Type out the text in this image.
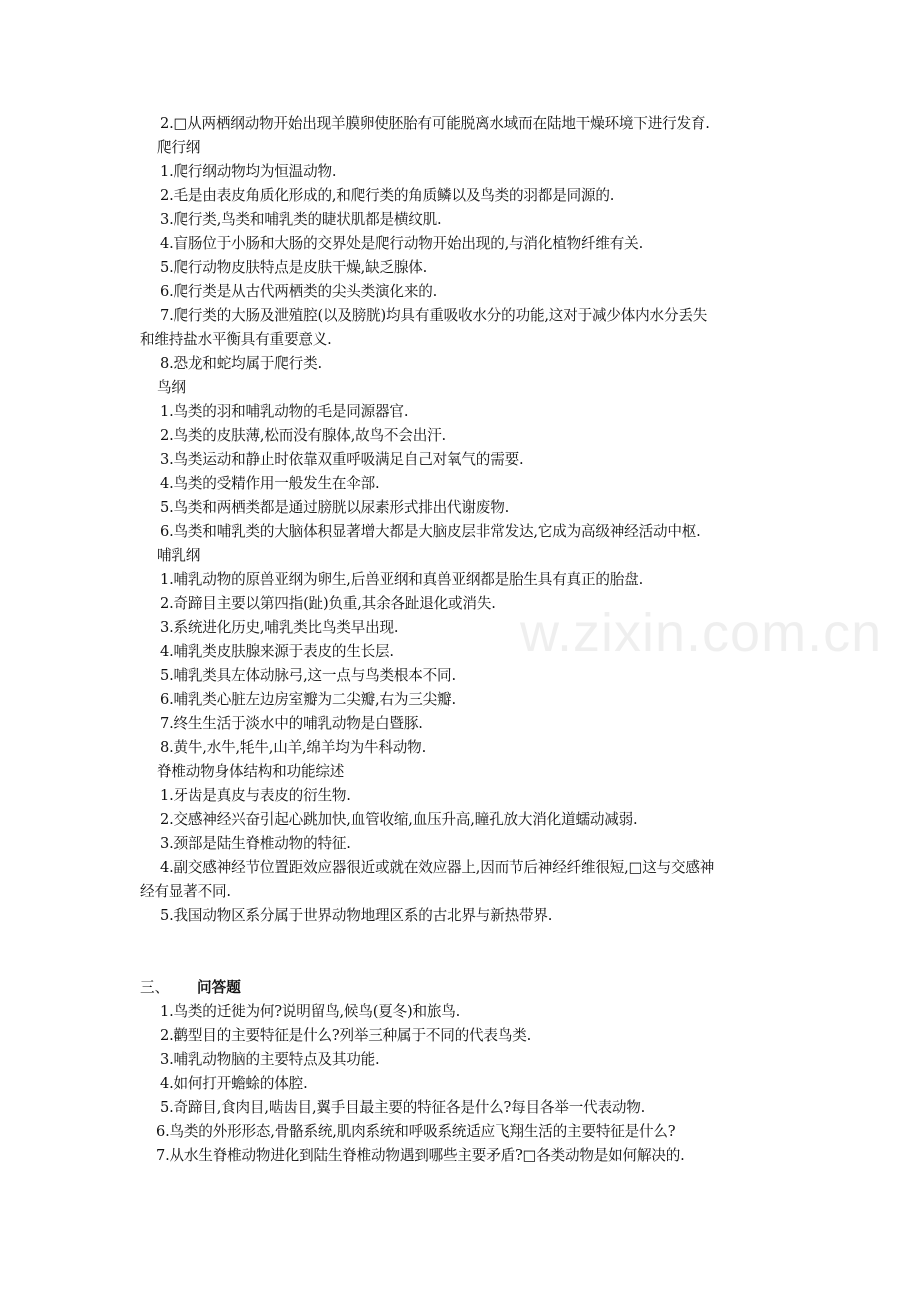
w.zixin.com.cn
2.□从两栖纲动物开始出现羊膜卵使胚胎有可能脱离水域而在陆地干燥环境下进行发育.
爬行纲
1.爬行纲动物均为恒温动物.
2.毛是由表皮角质化形成的,和爬行类的角质鳞以及鸟类的羽都是同源的.
3.爬行类,鸟类和哺乳类的睫状肌都是横纹肌.
4.盲肠位于小肠和大肠的交界处是爬行动物开始出现的,与消化植物纤维有关.
5.爬行动物皮肤特点是皮肤干燥,缺乏腺体.
6.爬行类是从古代两栖类的尖头类演化来的.
7.爬行类的大肠及泄殖腔(以及膀胱)均具有重吸收水分的功能,这对于减少体内水分丢失
和维持盐水平衡具有重要意义.
8.恐龙和蛇均属于爬行类.
鸟纲
1.鸟类的羽和哺乳动物的毛是同源器官.
2.鸟类的皮肤薄,松而没有腺体,故鸟不会出汗.
3.鸟类运动和静止时依靠双重呼吸满足自己对氧气的需要.
4.鸟类的受精作用一般发生在伞部.
5.鸟类和两栖类都是通过膀胱以尿素形式排出代谢废物.
6.鸟类和哺乳类的大脑体积显著增大都是大脑皮层非常发达,它成为高级神经活动中枢.
哺乳纲
1.哺乳动物的原兽亚纲为卵生,后兽亚纲和真兽亚纲都是胎生具有真正的胎盘.
2.奇蹄目主要以第四指(趾)负重,其余各趾退化或消失.
3.系统进化历史,哺乳类比鸟类早出现.
4.哺乳类皮肤腺来源于表皮的生长层.
5.哺乳类具左体动脉弓,这一点与鸟类根本不同.
6.哺乳类心脏左边房室瓣为二尖瓣,右为三尖瓣.
7.终生生活于淡水中的哺乳动物是白暨豚.
8.黄牛,水牛,牦牛,山羊,绵羊均为牛科动物.
脊椎动物身体结构和功能综述
1.牙齿是真皮与表皮的衍生物.
2.交感神经兴奋引起心跳加快,血管收缩,血压升高,瞳孔放大消化道蠕动减弱.
3.颈部是陆生脊椎动物的特征.
4.副交感神经节位置距效应器很近或就在效应器上,因而节后神经纤维很短,□这与交感神
经有显著不同.
5.我国动物区系分属于世界动物地理区系的古北界与新热带界.
1.鸟类的迁徙为何?说明留鸟,候鸟(夏冬)和旅鸟.
2.鹳型目的主要特征是什么?列举三种属于不同的代表鸟类.
3.哺乳动物脑的主要特点及其功能.
4.如何打开蟾蜍的体腔.
5.奇蹄目,食肉目,啮齿目,翼手目最主要的特征各是什么?每目各举一代表动物.
6.鸟类的外形形态,骨骼系统,肌肉系统和呼吸系统适应飞翔生活的主要特征是什么?
7.从水生脊椎动物进化到陆生脊椎动物遇到哪些主要矛盾?□各类动物是如何解决的.
三、 问答题
